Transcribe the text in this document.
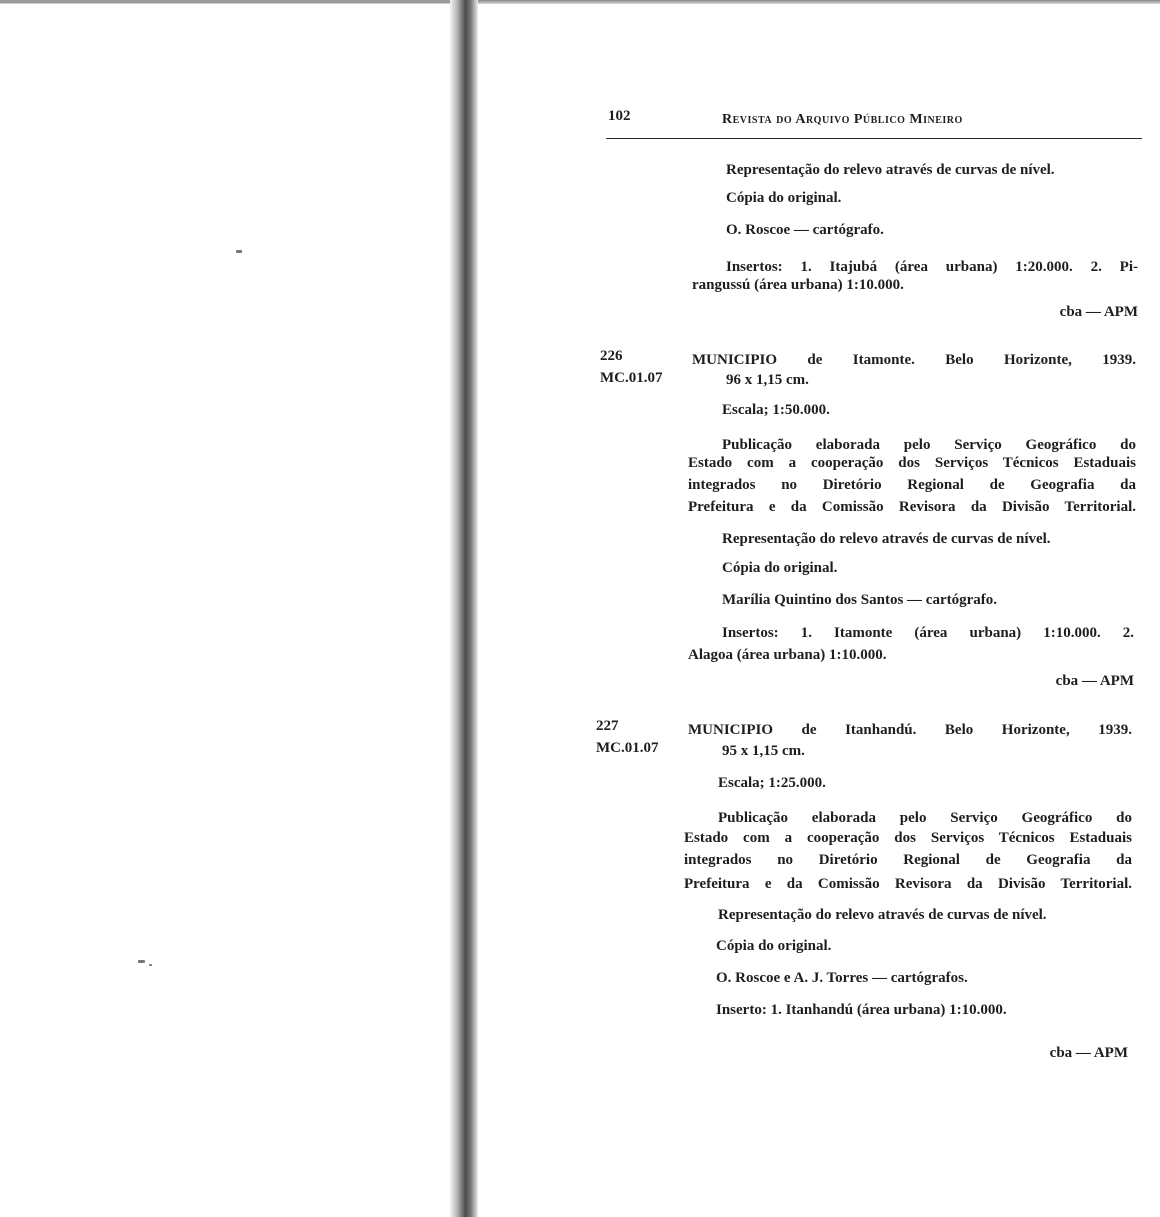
102	Revista do Arquivo Público Mineiro
Representação do relevo através de curvas de nível.
Cópia do original.
O. Roscoe — cartógrafo.
Insertos: 1. Itajubá (área urbana) 1:20.000. 2. Pi-
rangussú (área urbana) 1:10.000.
cba — APM
226
MC.01.07
MUNICIPIO de Itamonte. Belo Horizonte, 1939.
96 x 1,15 cm.
Escala; 1:50.000.
Publicação elaborada pelo Serviço Geográfico do
Estado com a cooperação dos Serviços Técnicos Estaduais
integrados no Diretório Regional de Geografia da
Prefeitura e da Comissão Revisora da Divisão Territorial.
Representação do relevo através de curvas de nível.
Cópia do original.
Marília Quintino dos Santos — cartógrafo.
Insertos: 1. Itamonte (área urbana) 1:10.000. 2.
Alagoa (área urbana) 1:10.000.
cba — APM
227
MC.01.07
MUNICIPIO de Itanhandú. Belo Horizonte, 1939.
95 x 1,15 cm.
Escala; 1:25.000.
Publicação elaborada pelo Serviço Geográfico do
Estado com a cooperação dos Serviços Técnicos Estaduais
integrados no Diretório Regional de Geografia da
Prefeitura e da Comissão Revisora da Divisão Territorial.
Representação do relevo através de curvas de nível.
Cópia do original.
O. Roscoe e A. J. Torres — cartógrafos.
Inserto: 1. Itanhandú (área urbana) 1:10.000.
cba — APM
